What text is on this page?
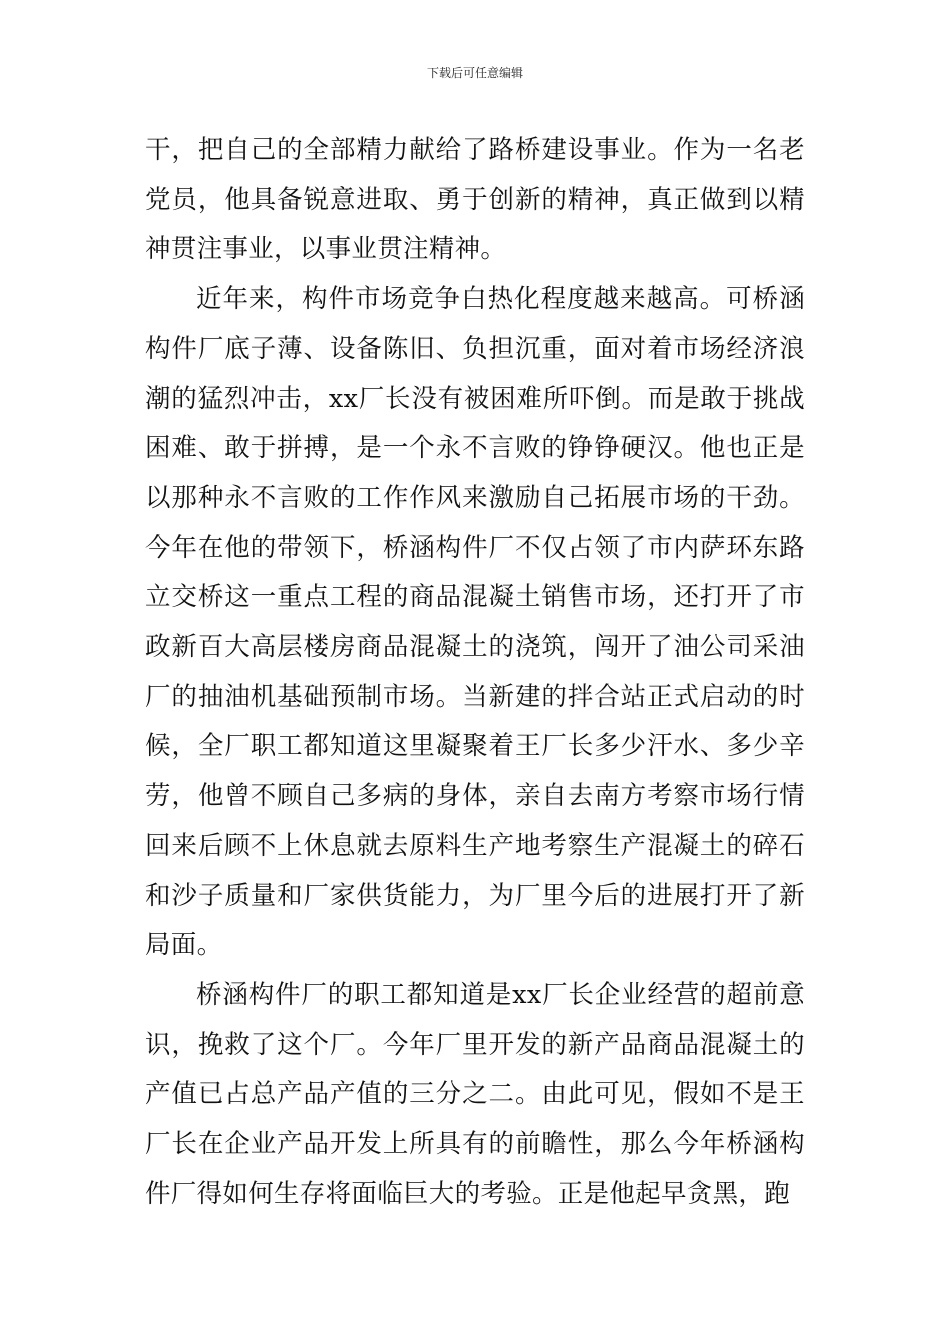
下载后可任意编辑

干，把自己的全部精力献给了路桥建设事业。作为一名老党员，他具备锐意进取、勇于创新的精神，真正做到以精神贯注事业，以事业贯注精神。

近年来，构件市场竞争白热化程度越来越高。可桥涵构件厂底子薄、设备陈旧、负担沉重，面对着市场经济浪潮的猛烈冲击，xx厂长没有被困难所吓倒。而是敢于挑战困难、敢于拼搏，是一个永不言败的铮铮硬汉。他也正是以那种永不言败的工作作风来激励自己拓展市场的干劲。今年在他的带领下，桥涵构件厂不仅占领了市内萨环东路立交桥这一重点工程的商品混凝土销售市场，还打开了市政新百大高层楼房商品混凝土的浇筑，闯开了油公司采油厂的抽油机基础预制市场。当新建的拌合站正式启动的时候，全厂职工都知道这里凝聚着王厂长多少汗水、多少辛劳，他曾不顾自己多病的身体，亲自去南方考察市场行情回来后顾不上休息就去原料生产地考察生产混凝土的碎石和沙子质量和厂家供货能力，为厂里今后的进展打开了新局面。

桥涵构件厂的职工都知道是xx厂长企业经营的超前意识，挽救了这个厂。今年厂里开发的新产品商品混凝土的产值已占总产品产值的三分之二。由此可见，假如不是王厂长在企业产品开发上所具有的前瞻性，那么今年桥涵构件厂得如何生存将面临巨大的考验。正是他起早贪黑，跑
